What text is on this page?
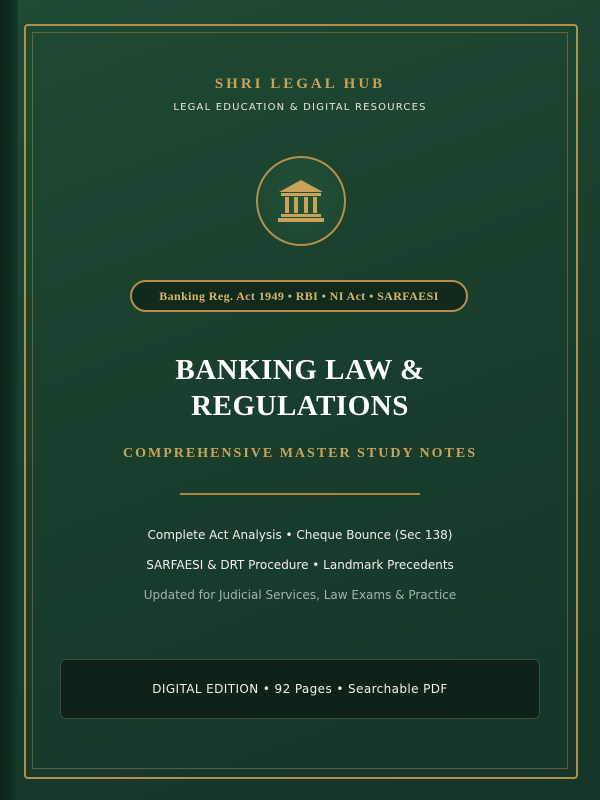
SHRI LEGAL HUB
LEGAL EDUCATION & DIGITAL RESOURCES
Banking Reg. Act 1949 • RBI • NI Act • SARFAESI
BANKING LAW &
REGULATIONS
COMPREHENSIVE MASTER STUDY NOTES
Complete Act Analysis • Cheque Bounce (Sec 138)
SARFAESI & DRT Procedure • Landmark Precedents
Updated for Judicial Services, Law Exams & Practice
DIGITAL EDITION • 92 Pages • Searchable PDF
